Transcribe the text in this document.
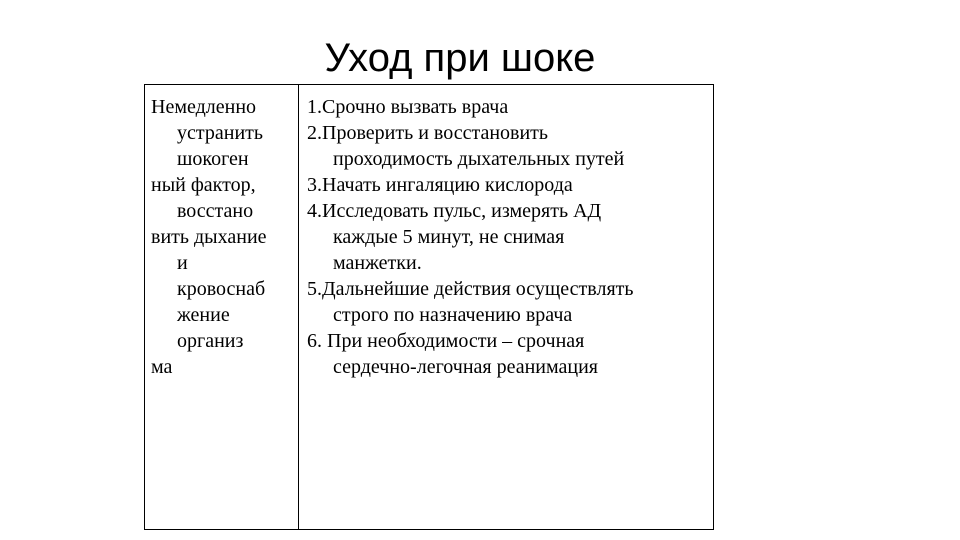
Уход при шоке
Немедленно
устранить
шокоген
ный фактор,
восстано
вить дыхание
и
кровоснаб
жение
организ
ма
1.Срочно вызвать врача
2.Проверить и восстановить
проходимость дыхательных путей
3.Начать ингаляцию кислорода
4.Исследовать пульс, измерять АД
каждые 5 минут, не снимая
манжетки.
5.Дальнейшие действия осуществлять
строго по назначению врача
6. При необходимости – срочная
сердечно-легочная реанимация
